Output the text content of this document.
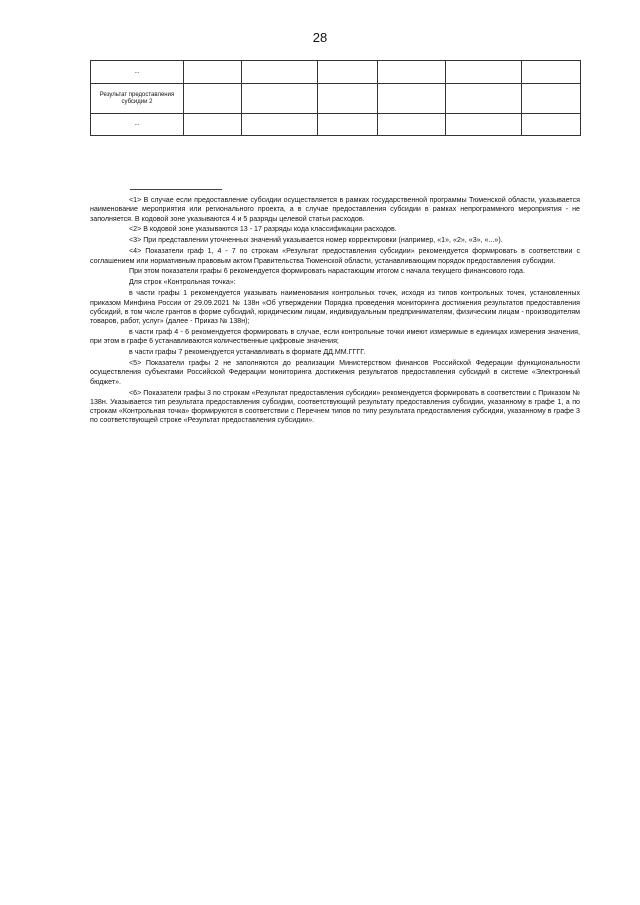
28
...						
Результат предоставления субсидии 2						
...						

<1> В случае если предоставление субсидии осуществляется в рамках государственной программы Тюменской области, указывается наименование мероприятия или регионального проекта, а в случае предоставления субсидии в рамках непрограммного мероприятия - не заполняется. В кодовой зоне указываются 4 и 5 разряды целевой статьи расходов.

<2> В кодовой зоне указываются 13 - 17 разряды кода классификации расходов.

<3> При представлении уточненных значений указывается номер корректировки (например, «1», «2», «3», «...»).

<4> Показатели граф 1, 4 - 7 по строкам «Результат предоставления субсидии» рекомендуется формировать в соответствии с соглашением или нормативным правовым актом Правительства Тюменской области, устанавливающим порядок предоставления субсидии.

При этом показатели графы 6 рекомендуется формировать нарастающим итогом с начала текущего финансового года.

Для строк «Контрольная точка»:

в части графы 1 рекомендуется указывать наименования контрольных точек, исходя из типов контрольных точек, установленных приказом Минфина России от 29.09.2021 № 138н «Об утверждении Порядка проведения мониторинга достижения результатов предоставления субсидий, в том числе грантов в форме субсидий, юридическим лицам, индивидуальным предпринимателям, физическим лицам - производителям товаров, работ, услуг» (далее - Приказ № 138н);

в части граф 4 - 6 рекомендуется формировать в случае, если контрольные точки имеют измеримые в единицах измерения значения, при этом в графе 6 устанавливаются количественные цифровые значения;

в части графы 7 рекомендуется устанавливать в формате ДД.ММ.ГГГГ.

<5> Показатели графы 2 не заполняются до реализации Министерством финансов Российской Федерации функциональности осуществления субъектами Российской Федерации мониторинга достижения результатов предоставления субсидий в системе «Электронный бюджет».

<6> Показатели графы 3 по строкам «Результат предоставления субсидии» рекомендуется формировать в соответствии с Приказом № 138н. Указывается тип результата предоставления субсидии, соответствующий результату предоставления субсидии, указанному в графе 1, а по строкам «Контрольная точка» формируются в соответствии с Перечнем типов по типу результата предоставления субсидии, указанному в графе 3 по соответствующей строке «Результат предоставления субсидии».
